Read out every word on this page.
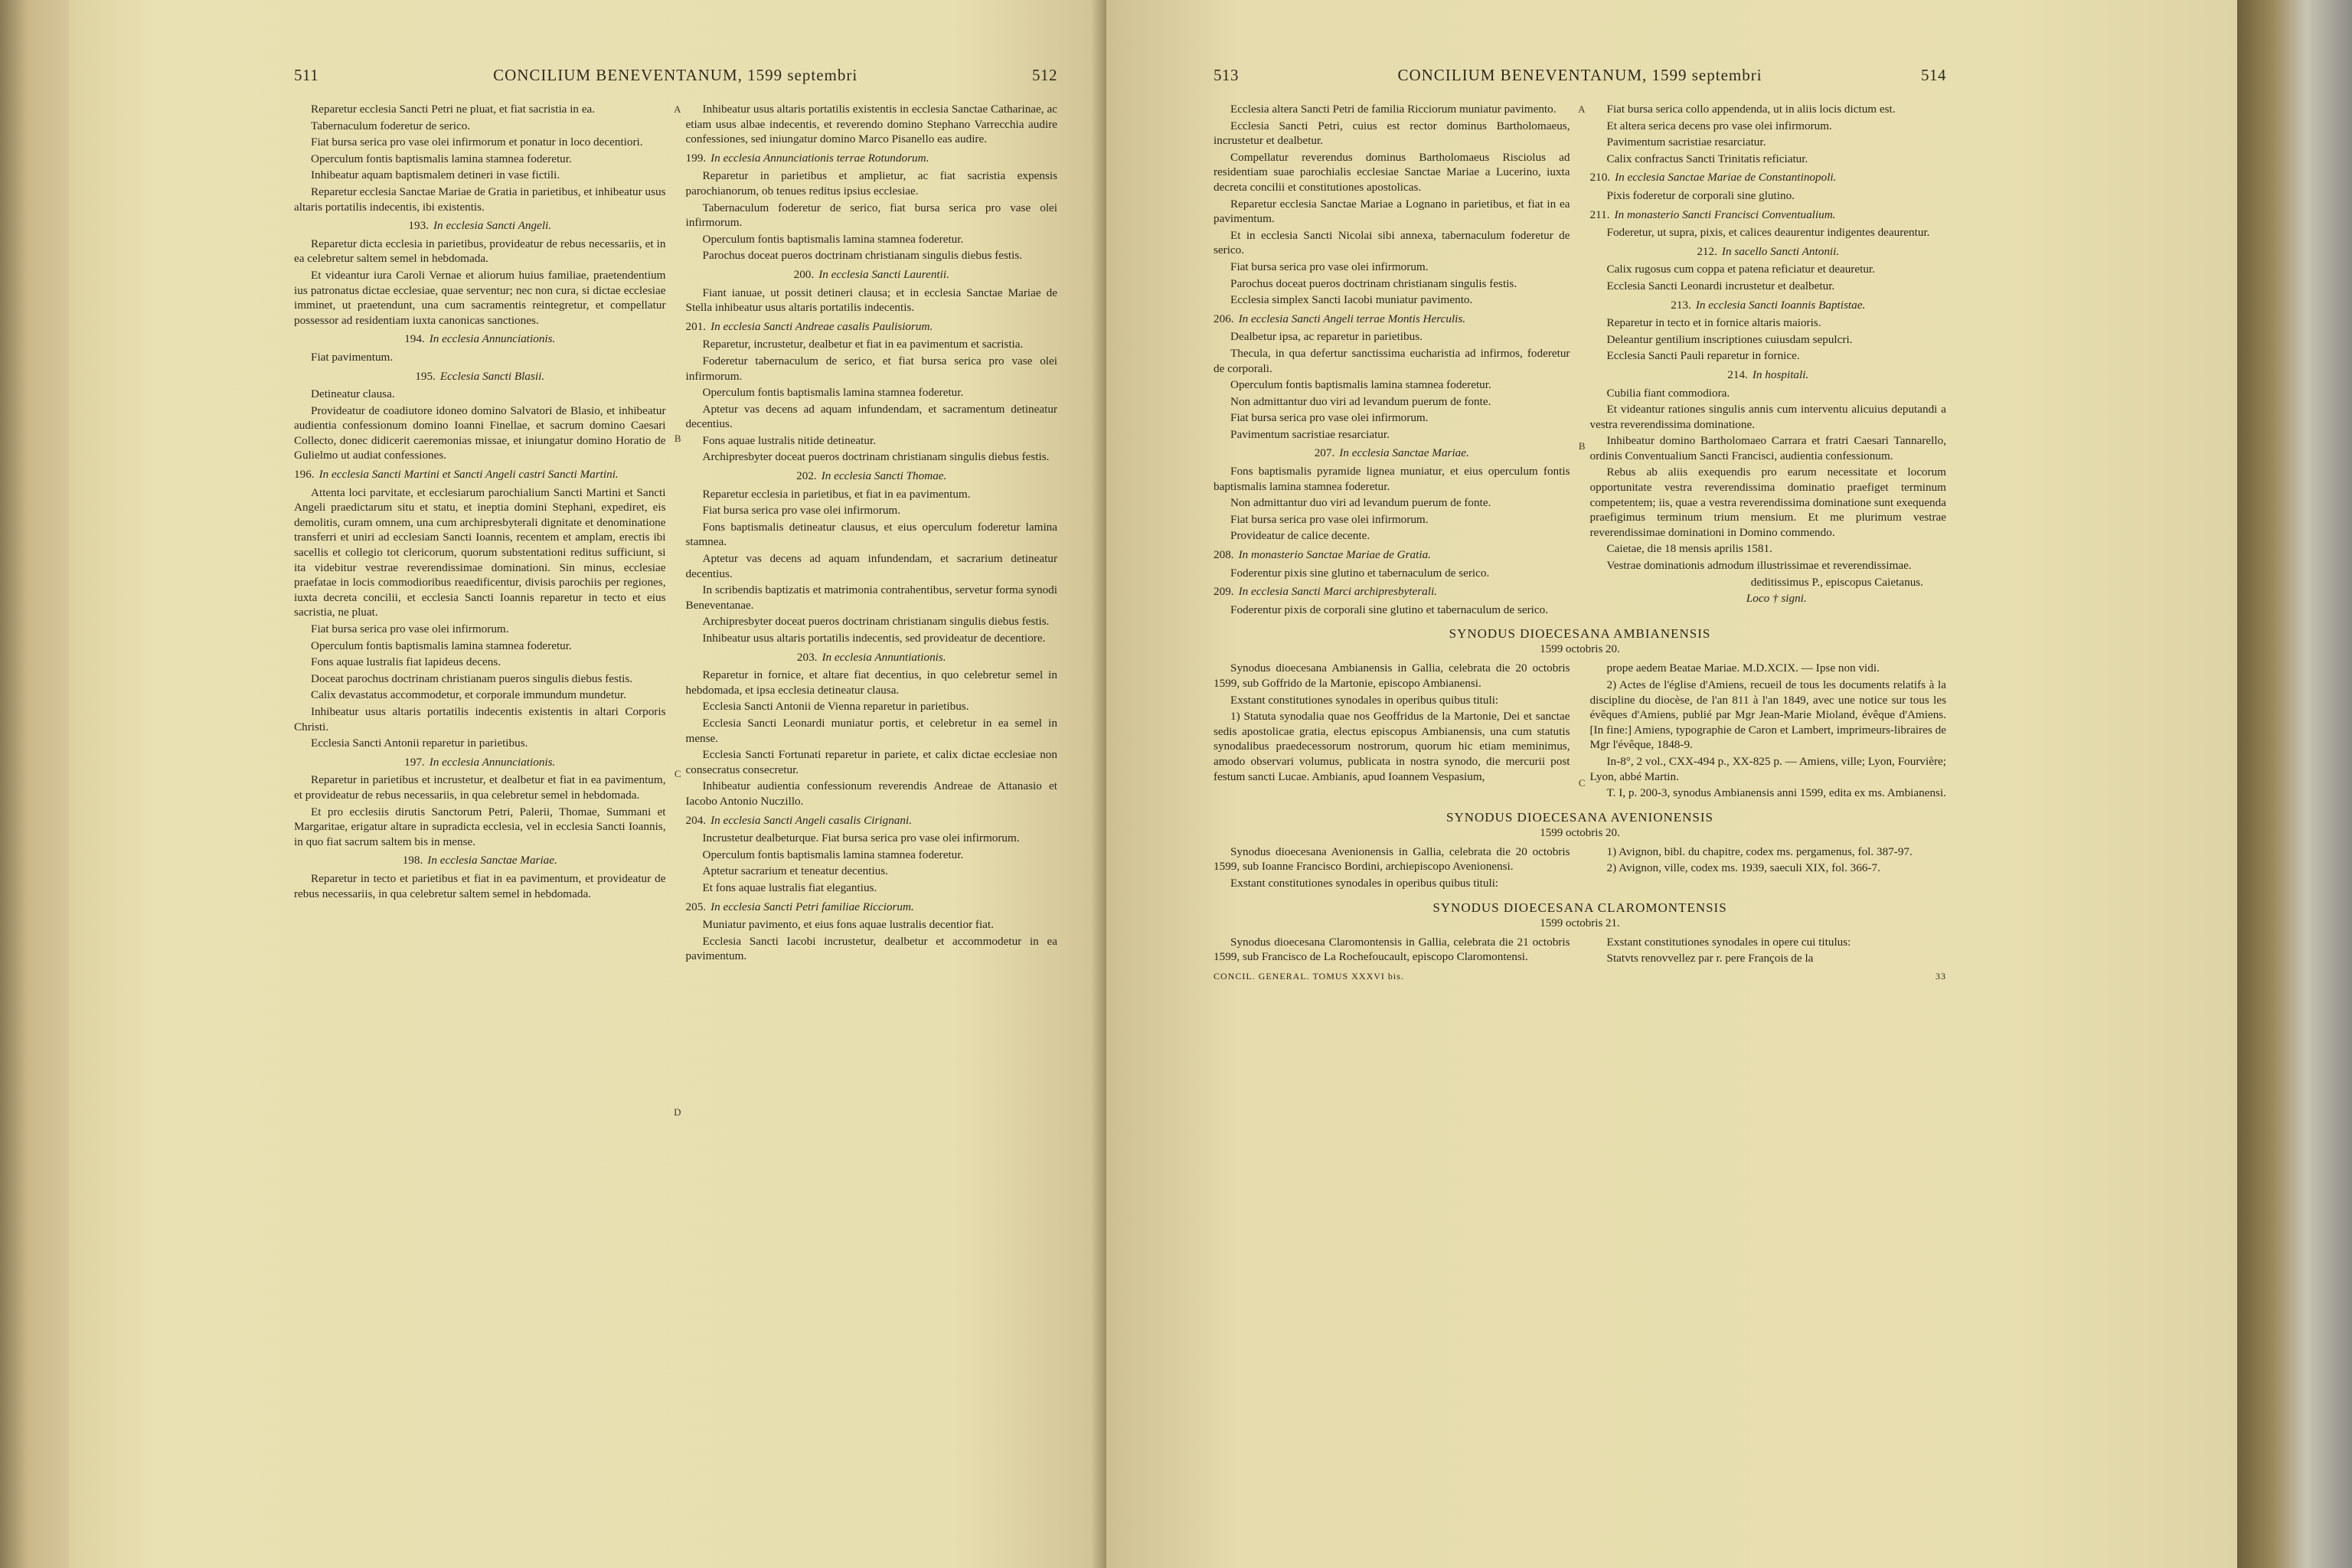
511	CONCILIUM BENEVENTANUM, 1599 septembri	512
A
B
C
D

Reparetur ecclesia Sancti Petri ne pluat, et fiat sacristia in ea.

Tabernaculum foderetur de serico.

Fiat bursa serica pro vase olei infirmorum et ponatur in loco decentiori.

Operculum fontis baptismalis lamina stamnea foderetur.

Inhibeatur aquam baptismalem detineri in vase fictili.

Reparetur ecclesia Sanctae Mariae de Gratia in parietibus, et inhibeatur usus altaris portatilis indecentis, ibi existentis.

193. In ecclesia Sancti Angeli.

Reparetur dicta ecclesia in parietibus, provideatur de rebus necessariis, et in ea celebretur saltem semel in hebdomada.

Et videantur iura Caroli Vernae et aliorum huius familiae, praetendentium ius patronatus dictae ecclesiae, quae serventur; nec non cura, si dictae ecclesiae imminet, ut praetendunt, una cum sacramentis reintegretur, et compellatur possessor ad residentiam iuxta canonicas sanctiones.

194. In ecclesia Annunciationis.

Fiat pavimentum.

195. Ecclesia Sancti Blasii.

Detineatur clausa.

Provideatur de coadiutore idoneo domino Salvatori de Blasio, et inhibeatur audientia confessionum domino Ioanni Finellae, et sacrum domino Caesari Collecto, donec didicerit caeremonias missae, et iniungatur domino Horatio de Gulielmo ut audiat confessiones.

196. In ecclesia Sancti Martini et Sancti Angeli castri Sancti Martini.

Attenta loci parvitate, et ecclesiarum parochialium Sancti Martini et Sancti Angeli praedictarum situ et statu, et ineptia domini Stephani, expediret, eis demolitis, curam omnem, una cum archipresbyterali dignitate et denominatione transferri et uniri ad ecclesiam Sancti Ioannis, recentem et amplam, erectis ibi sacellis et collegio tot clericorum, quorum substentationi reditus sufficiunt, si ita videbitur vestrae reverendissimae dominationi. Sin minus, ecclesiae praefatae in locis commodioribus reaedificentur, divisis parochiis per regiones, iuxta decreta concilii, et ecclesia Sancti Ioannis reparetur in tecto et eius sacristia, ne pluat.

Fiat bursa serica pro vase olei infirmorum.

Operculum fontis baptismalis lamina stamnea foderetur.

Fons aquae lustralis fiat lapideus decens.

Doceat parochus doctrinam christianam pueros singulis diebus festis.

Calix devastatus accommodetur, et corporale immundum mundetur.

Inhibeatur usus altaris portatilis indecentis existentis in altari Corporis Christi.

Ecclesia Sancti Antonii reparetur in parietibus.

197. In ecclesia Annunciationis.

Reparetur in parietibus et incrustetur, et dealbetur et fiat in ea pavimentum, et provideatur de rebus necessariis, in qua celebretur semel in hebdomada.

Et pro ecclesiis dirutis Sanctorum Petri, Palerii, Thomae, Summani et Margaritae, erigatur altare in supradicta ecclesia, vel in ecclesia Sancti Ioannis, in quo fiat sacrum saltem bis in mense.

198. In ecclesia Sanctae Mariae.

Reparetur in tecto et parietibus et fiat in ea pavimentum, et provideatur de rebus necessariis, in qua celebretur saltem semel in hebdomada.

Inhibeatur usus altaris portatilis existentis in ecclesia Sanctae Catharinae, ac etiam usus albae indecentis, et reverendo domino Stephano Varrecchia audire confessiones, sed iniungatur domino Marco Pisanello eas audire.

199. In ecclesia Annunciationis terrae Rotundorum.

Reparetur in parietibus et amplietur, ac fiat sacristia expensis parochianorum, ob tenues reditus ipsius ecclesiae.

Tabernaculum foderetur de serico, fiat bursa serica pro vase olei infirmorum.

Operculum fontis baptismalis lamina stamnea foderetur.

Parochus doceat pueros doctrinam christianam singulis diebus festis.

200. In ecclesia Sancti Laurentii.

Fiant ianuae, ut possit detineri clausa; et in ecclesia Sanctae Mariae de Stella inhibeatur usus altaris portatilis indecentis.

201. In ecclesia Sancti Andreae casalis Paulisiorum.

Reparetur, incrustetur, dealbetur et fiat in ea pavimentum et sacristia.

Foderetur tabernaculum de serico, et fiat bursa serica pro vase olei infirmorum.

Operculum fontis baptismalis lamina stamnea foderetur.

Aptetur vas decens ad aquam infundendam, et sacramentum detineatur decentius.

Fons aquae lustralis nitide detineatur.

Archipresbyter doceat pueros doctrinam christianam singulis diebus festis.

202. In ecclesia Sancti Thomae.

Reparetur ecclesia in parietibus, et fiat in ea pavimentum.

Fiat bursa serica pro vase olei infirmorum.

Fons baptismalis detineatur clausus, et eius operculum foderetur lamina stamnea.

Aptetur vas decens ad aquam infundendam, et sacrarium detineatur decentius.

In scribendis baptizatis et matrimonia contrahentibus, servetur forma synodi Beneventanae.

Archipresbyter doceat pueros doctrinam christianam singulis diebus festis.

Inhibeatur usus altaris portatilis indecentis, sed provideatur de decentiore.

203. In ecclesia Annuntiationis.

Reparetur in fornice, et altare fiat decentius, in quo celebretur semel in hebdomada, et ipsa ecclesia detineatur clausa.

Ecclesia Sancti Antonii de Vienna reparetur in parietibus.

Ecclesia Sancti Leonardi muniatur portis, et celebretur in ea semel in mense.

Ecclesia Sancti Fortunati reparetur in pariete, et calix dictae ecclesiae non consecratus consecretur.

Inhibeatur audientia confessionum reverendis Andreae de Attanasio et Iacobo Antonio Nuczillo.

204. In ecclesia Sancti Angeli casalis Cirignani.

Incrustetur dealbeturque. Fiat bursa serica pro vase olei infirmorum.

Operculum fontis baptismalis lamina stamnea foderetur.

Aptetur sacrarium et teneatur decentius.

Et fons aquae lustralis fiat elegantius.

205. In ecclesia Sancti Petri familiae Ricciorum.

Muniatur pavimento, et eius fons aquae lustralis decentior fiat.

Ecclesia Sancti Iacobi incrustetur, dealbetur et accommodetur in ea pavimentum.

513	CONCILIUM BENEVENTANUM, 1599 septembri	514
A
B
C

Ecclesia altera Sancti Petri de familia Ricciorum muniatur pavimento.

Ecclesia Sancti Petri, cuius est rector dominus Bartholomaeus, incrustetur et dealbetur.

Compellatur reverendus dominus Bartholomaeus Risciolus ad residentiam suae parochialis ecclesiae Sanctae Mariae a Lucerino, iuxta decreta concilii et constitutiones apostolicas.

Reparetur ecclesia Sanctae Mariae a Lognano in parietibus, et fiat in ea pavimentum.

Et in ecclesia Sancti Nicolai sibi annexa, tabernaculum foderetur de serico.

Fiat bursa serica pro vase olei infirmorum.

Parochus doceat pueros doctrinam christianam singulis festis.

Ecclesia simplex Sancti Iacobi muniatur pavimento.

206. In ecclesia Sancti Angeli terrae Montis Herculis.

Dealbetur ipsa, ac reparetur in parietibus.

Thecula, in qua defertur sanctissima eucharistia ad infirmos, foderetur de corporali.

Operculum fontis baptismalis lamina stamnea foderetur.

Non admittantur duo viri ad levandum puerum de fonte.

Fiat bursa serica pro vase olei infirmorum.

Pavimentum sacristiae resarciatur.

207. In ecclesia Sanctae Mariae.

Fons baptismalis pyramide lignea muniatur, et eius operculum fontis baptismalis lamina stamnea foderetur.

Non admittantur duo viri ad levandum puerum de fonte.

Fiat bursa serica pro vase olei infirmorum.

Provideatur de calice decente.

208. In monasterio Sanctae Mariae de Gratia.

Foderentur pixis sine glutino et tabernaculum de serico.

209. In ecclesia Sancti Marci archipresbyterali.

Foderentur pixis de corporali sine glutino et tabernaculum de serico.

Fiat bursa serica collo appendenda, ut in aliis locis dictum est.

Et altera serica decens pro vase olei infirmorum.

Pavimentum sacristiae resarciatur.

Calix confractus Sancti Trinitatis reficiatur.

210. In ecclesia Sanctae Mariae de Constantinopoli.

Pixis foderetur de corporali sine glutino.

211. In monasterio Sancti Francisci Conventualium.

Foderetur, ut supra, pixis, et calices deaurentur indigentes deaurentur.

212. In sacello Sancti Antonii.

Calix rugosus cum coppa et patena reficiatur et deauretur.

Ecclesia Sancti Leonardi incrustetur et dealbetur.

213. In ecclesia Sancti Ioannis Baptistae.

Reparetur in tecto et in fornice altaris maioris.

Deleantur gentilium inscriptiones cuiusdam sepulcri.

Ecclesia Sancti Pauli reparetur in fornice.

214. In hospitali.

Cubilia fiant commodiora.

Et videantur rationes singulis annis cum interventu alicuius deputandi a vestra reverendissima dominatione.

Inhibeatur domino Bartholomaeo Carrara et fratri Caesari Tannarello, ordinis Conventualium Sancti Francisci, audientia confessionum.

Rebus ab aliis exequendis pro earum necessitate et locorum opportunitate vestra reverendissima dominatio praefiget terminum competentem; iis, quae a vestra reverendissima dominatione sunt exequenda praefigimus terminum trium mensium. Et me plurimum vestrae reverendissimae dominationi in Domino commendo.

Caietae, die 18 mensis aprilis 1581.

Vestrae dominationis admodum illustrissimae et reverendissimae.

deditissimus P., episcopus Caietanus.

Loco † signi.

SYNODUS DIOECESANA AMBIANENSIS
1599 octobris 20.

Synodus dioecesana Ambianensis in Gallia, celebrata die 20 octobris 1599, sub Goffrido de la Martonie, episcopo Ambianensi.

Exstant constitutiones synodales in operibus quibus tituli:

1) Statuta synodalia quae nos Geoffridus de la Martonie, Dei et sanctae sedis apostolicae gratia, electus episcopus Ambianensis, una cum statutis synodalibus praedecessorum nostrorum, quorum hic etiam meminimus, amodo observari volumus, publicata in nostra synodo, die mercurii post festum sancti Lucae. Ambianis, apud Ioannem Vespasium,

prope aedem Beatae Mariae. M.D.XCIX. — Ipse non vidi.

2) Actes de l'église d'Amiens, recueil de tous les documents relatifs à la discipline du diocèse, de l'an 811 à l'an 1849, avec une notice sur tous les évêques d'Amiens, publié par Mgr Jean-Marie Mioland, évêque d'Amiens. [In fine:] Amiens, typographie de Caron et Lambert, imprimeurs-libraires de Mgr l'évêque, 1848-9.

In-8°, 2 vol., CXX-494 p., XX-825 p. — Amiens, ville; Lyon, Fourvière; Lyon, abbé Martin.

T. I, p. 200-3, synodus Ambianensis anni 1599, edita ex ms. Ambianensi.

SYNODUS DIOECESANA AVENIONENSIS
1599 octobris 20.

Synodus dioecesana Avenionensis in Gallia, celebrata die 20 octobris 1599, sub Ioanne Francisco Bordini, archiepiscopo Avenionensi.

Exstant constitutiones synodales in operibus quibus tituli:

1) Avignon, bibl. du chapitre, codex ms. pergamenus, fol. 387-97.

2) Avignon, ville, codex ms. 1939, saeculi XIX, fol. 366-7.

SYNODUS DIOECESANA CLAROMONTENSIS
1599 octobris 21.

Synodus dioecesana Claromontensis in Gallia, celebrata die 21 octobris 1599, sub Francisco de La Rochefoucault, episcopo Claromontensi.

Exstant constitutiones synodales in opere cui titulus:

Statvts renovvellez par r. pere François de la

CONCIL. GENERAL. TOMUS XXXVI bis.	33
